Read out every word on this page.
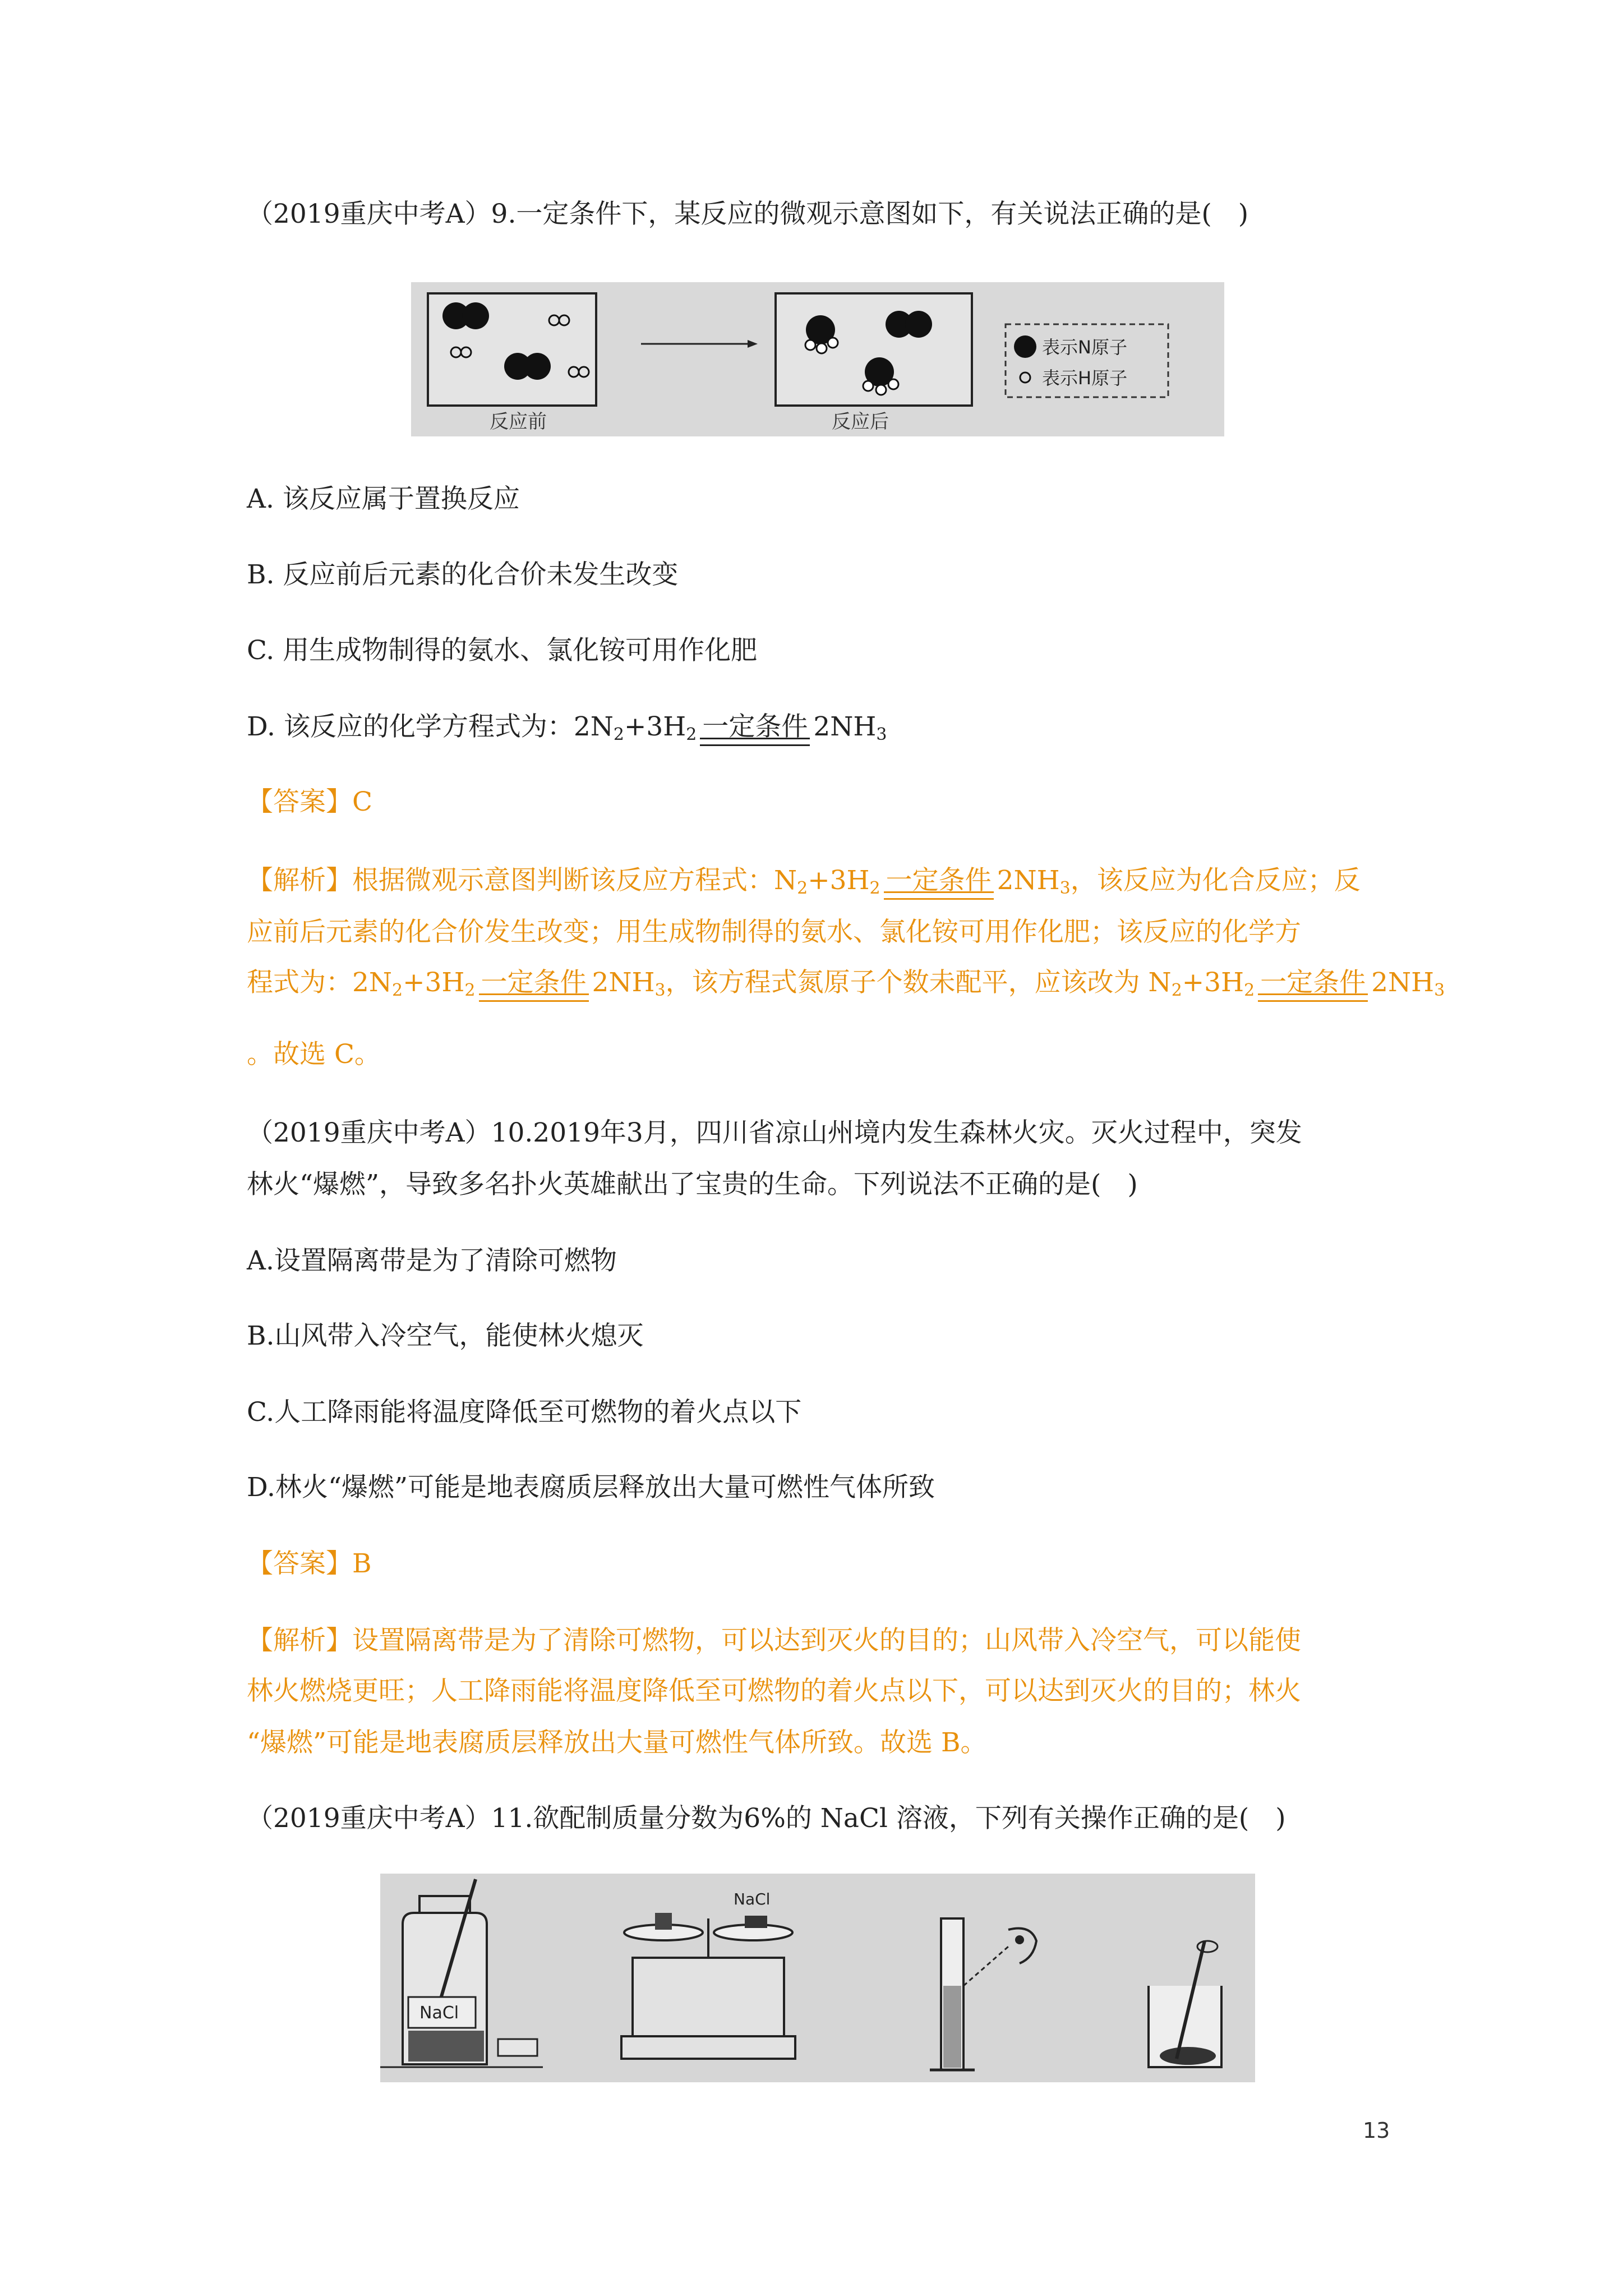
（2019重庆中考A）9.一定条件下，某反应的微观示意图如下，有关说法正确的是(　)
反应前	反应后
表示N原子
表示H原子
A. 该反应属于置换反应
B. 反应前后元素的化合价未发生改变
C. 用生成物制得的氨水、氯化铵可用作化肥
D. 该反应的化学方程式为：$2N_2+3H_2$ 一定条件 $2NH_3$
【答案】C
【解析】根据微观示意图判断该反应方程式：$N_2+3H_2$ 一定条件 $2NH_3$，该反应为化合反应；反
应前后元素的化合价发生改变；用生成物制得的氨水、氯化铵可用作化肥；该反应的化学方
程式为：$2N_2+3H_2$ 一定条件 $2NH_3$，该方程式氮原子个数未配平，应该改为 $N_2+3H_2$ 一定条件 $2NH_3$
。故选 C。
（2019重庆中考A）10.2019年3月，四川省凉山州境内发生森林火灾。灭火过程中，突发
林火“爆燃”，导致多名扑火英雄献出了宝贵的生命。下列说法不正确的是(　)
A.设置隔离带是为了清除可燃物
B.山风带入冷空气，能使林火熄灭
C.人工降雨能将温度降低至可燃物的着火点以下
D.林火“爆燃”可能是地表腐质层释放出大量可燃性气体所致
【答案】B
【解析】设置隔离带是为了清除可燃物，可以达到灭火的目的；山风带入冷空气，可以能使
林火燃烧更旺；人工降雨能将温度降低至可燃物的着火点以下，可以达到灭火的目的；林火
“爆燃”可能是地表腐质层释放出大量可燃性气体所致。故选 B。
（2019重庆中考A）11.欲配制质量分数为6%的 NaCl 溶液，下列有关操作正确的是(　)
NaCl
NaCl
13
